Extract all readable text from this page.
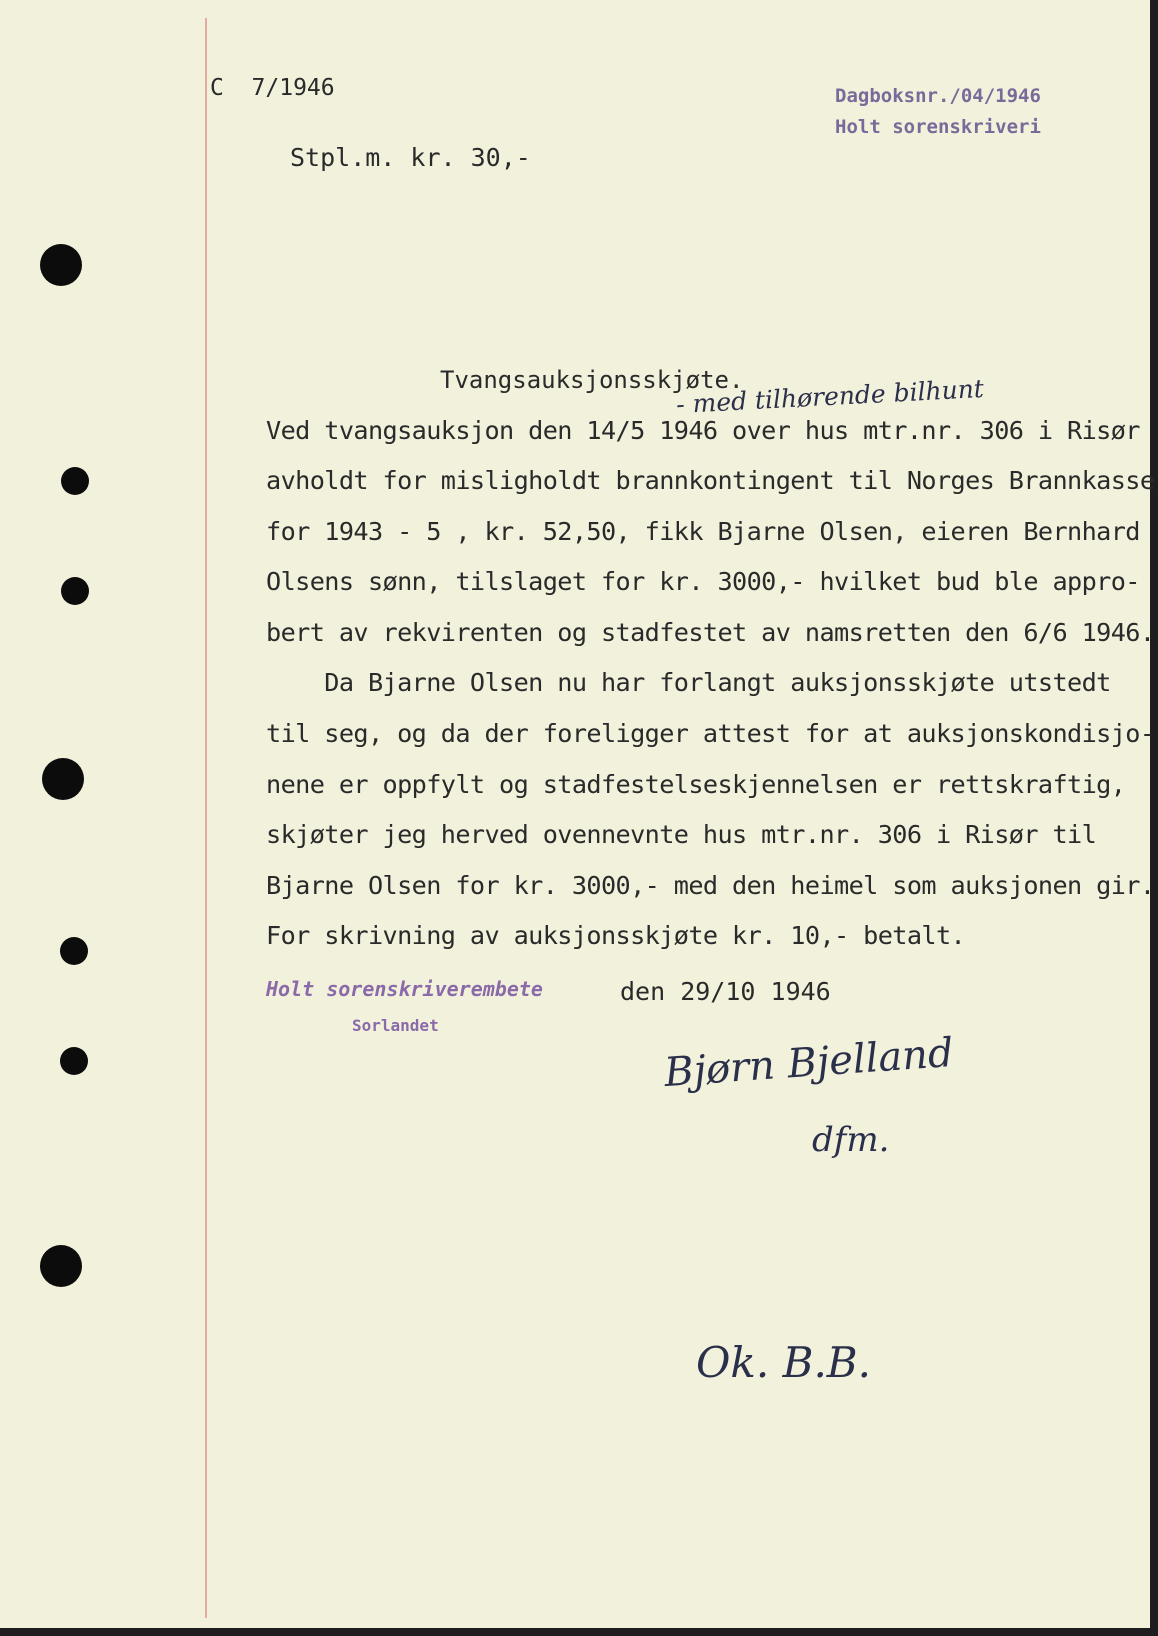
C  7/1946
Stpl.m. kr. 30,-
Dagboksnr./04/1946
Holt sorenskriveri
Tvangsauksjonsskjøte.
- med tilhørende bilhunt
Ved tvangsauksjon den 14/5 1946 over hus mtr.nr. 306 i Risør
avholdt for misligholdt brannkontingent til Norges Brannkasse
for 1943 - 5 , kr. 52,50, fikk Bjarne Olsen, eieren Bernhard
Olsens sønn, tilslaget for kr. 3000,- hvilket bud ble appro-
bert av rekvirenten og stadfestet av namsretten den 6/6 1946.
Da Bjarne Olsen nu har forlangt auksjonsskjøte utstedt
til seg, og da der foreligger attest for at auksjonskondisjo-
nene er oppfylt og stadfestelseskjennelsen er rettskraftig,
skjøter jeg herved ovennevnte hus mtr.nr. 306 i Risør til
Bjarne Olsen for kr. 3000,- med den heimel som auksjonen gir.
For skrivning av auksjonsskjøte kr. 10,- betalt.
Holt sorenskriverembete
Sorlandet
den 29/10 1946
Bjørn Bjelland
dfm.
Ok. B.B.
